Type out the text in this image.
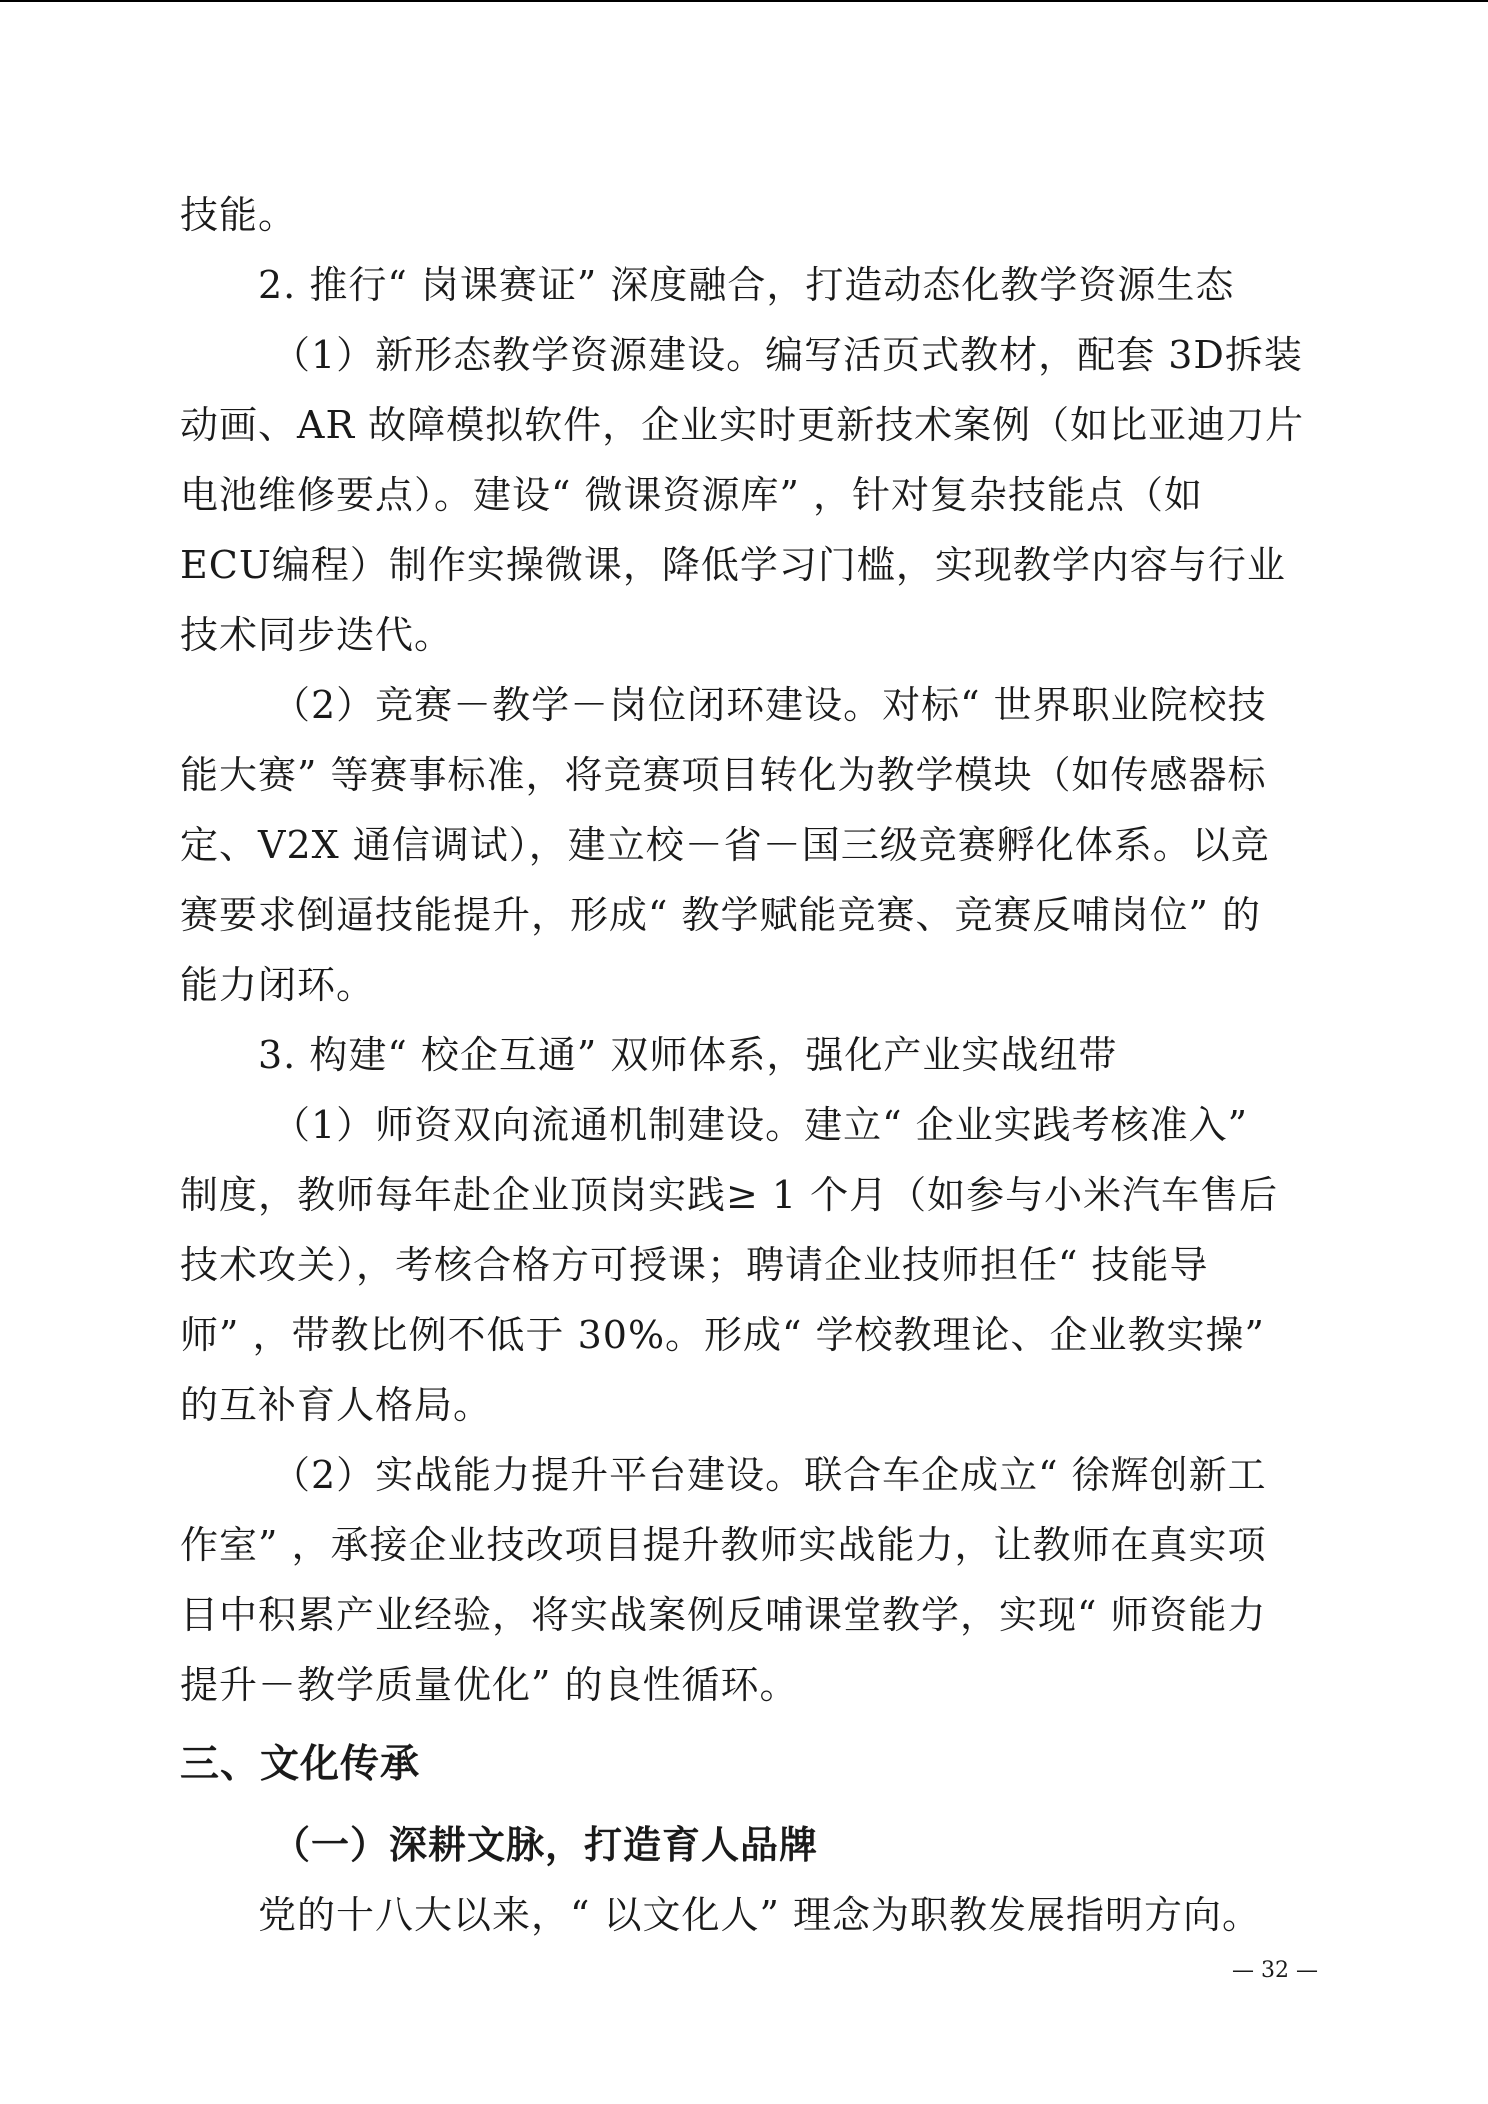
技能。
2. 推行“ 岗课赛证” 深度融合，打造动态化教学资源生态
（1）新形态教学资源建设。编写活页式教材，配套 3D拆装
动画、AR 故障模拟软件，企业实时更新技术案例（如比亚迪刀片
电池维修要点）。建设“ 微课资源库” ，针对复杂技能点（如
ECU编程）制作实操微课，降低学习门槛，实现教学内容与行业
技术同步迭代。
（2）竞赛－教学－岗位闭环建设。对标“ 世界职业院校技
能大赛” 等赛事标准，将竞赛项目转化为教学模块（如传感器标
定、V2X 通信调试），建立校－省－国三级竞赛孵化体系。以竞
赛要求倒逼技能提升，形成“ 教学赋能竞赛、竞赛反哺岗位” 的
能力闭环。
3. 构建“ 校企互通” 双师体系，强化产业实战纽带
（1）师资双向流通机制建设。建立“ 企业实践考核准入”
制度，教师每年赴企业顶岗实践≥ 1 个月（如参与小米汽车售后
技术攻关），考核合格方可授课；聘请企业技师担任“ 技能导
师” ，带教比例不低于 30%。形成“ 学校教理论、企业教实操”
的互补育人格局。
（2）实战能力提升平台建设。联合车企成立“ 徐辉创新工
作室” ，承接企业技改项目提升教师实战能力，让教师在真实项
目中积累产业经验，将实战案例反哺课堂教学，实现“ 师资能力
提升－教学质量优化” 的良性循环。
三、文化传承
（一）深耕文脉，打造育人品牌
党的十八大以来，“ 以文化人” 理念为职教发展指明方向。
— 32 —
